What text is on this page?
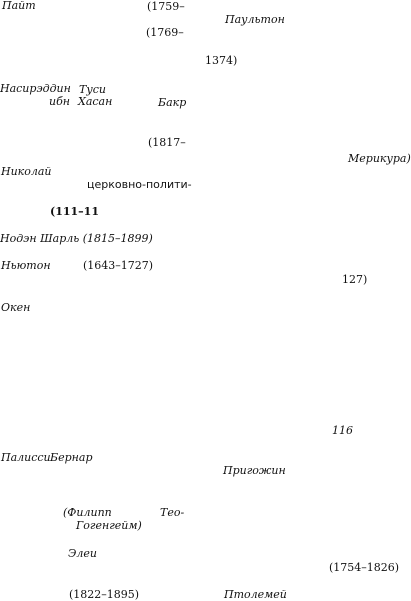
Пайт	(1759–
Паультон
(1769–
1374)
Насирэддин Туси
ибн Хасан	Бакр
(1817–
Мерикура)
Николай
церковно-полити-
(111–11
Нодэн Шарль (1815–1899)
Ньютон	(1643–1727)
127)
Окен
116
Палисси Бернар
Пригожин
(Филипп	Тео-
Гогенгейм)
Элеи
(1754–1826)
(1822–1895)	Птолемей
